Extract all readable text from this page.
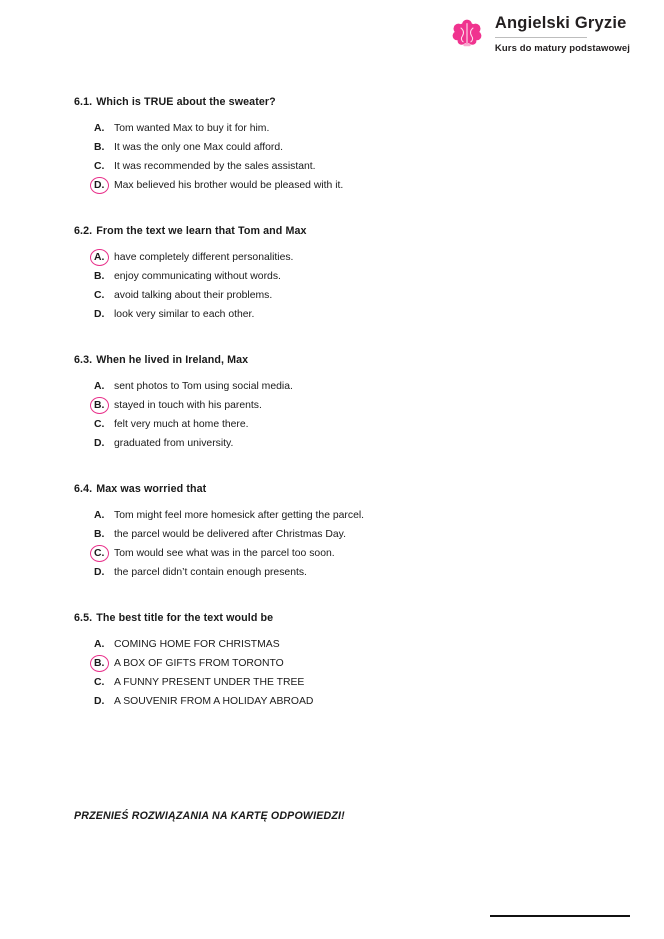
Angielski Gryzie
Kurs do matury podstawowej
6.1. Which is TRUE about the sweater?
A. Tom wanted Max to buy it for him.
B. It was the only one Max could afford.
C. It was recommended by the sales assistant.
D. Max believed his brother would be pleased with it.
6.2. From the text we learn that Tom and Max
A. have completely different personalities.
B. enjoy communicating without words.
C. avoid talking about their problems.
D. look very similar to each other.
6.3. When he lived in Ireland, Max
A. sent photos to Tom using social media.
B. stayed in touch with his parents.
C. felt very much at home there.
D. graduated from university.
6.4. Max was worried that
A. Tom might feel more homesick after getting the parcel.
B. the parcel would be delivered after Christmas Day.
C. Tom would see what was in the parcel too soon.
D. the parcel didn’t contain enough presents.
6.5. The best title for the text would be
A. COMING HOME FOR CHRISTMAS
B. A BOX OF GIFTS FROM TORONTO
C. A FUNNY PRESENT UNDER THE TREE
D. A SOUVENIR FROM A HOLIDAY ABROAD
PRZENIEŚ ROZWIĄZANIA NA KARTĘ ODPOWIEDZI!
